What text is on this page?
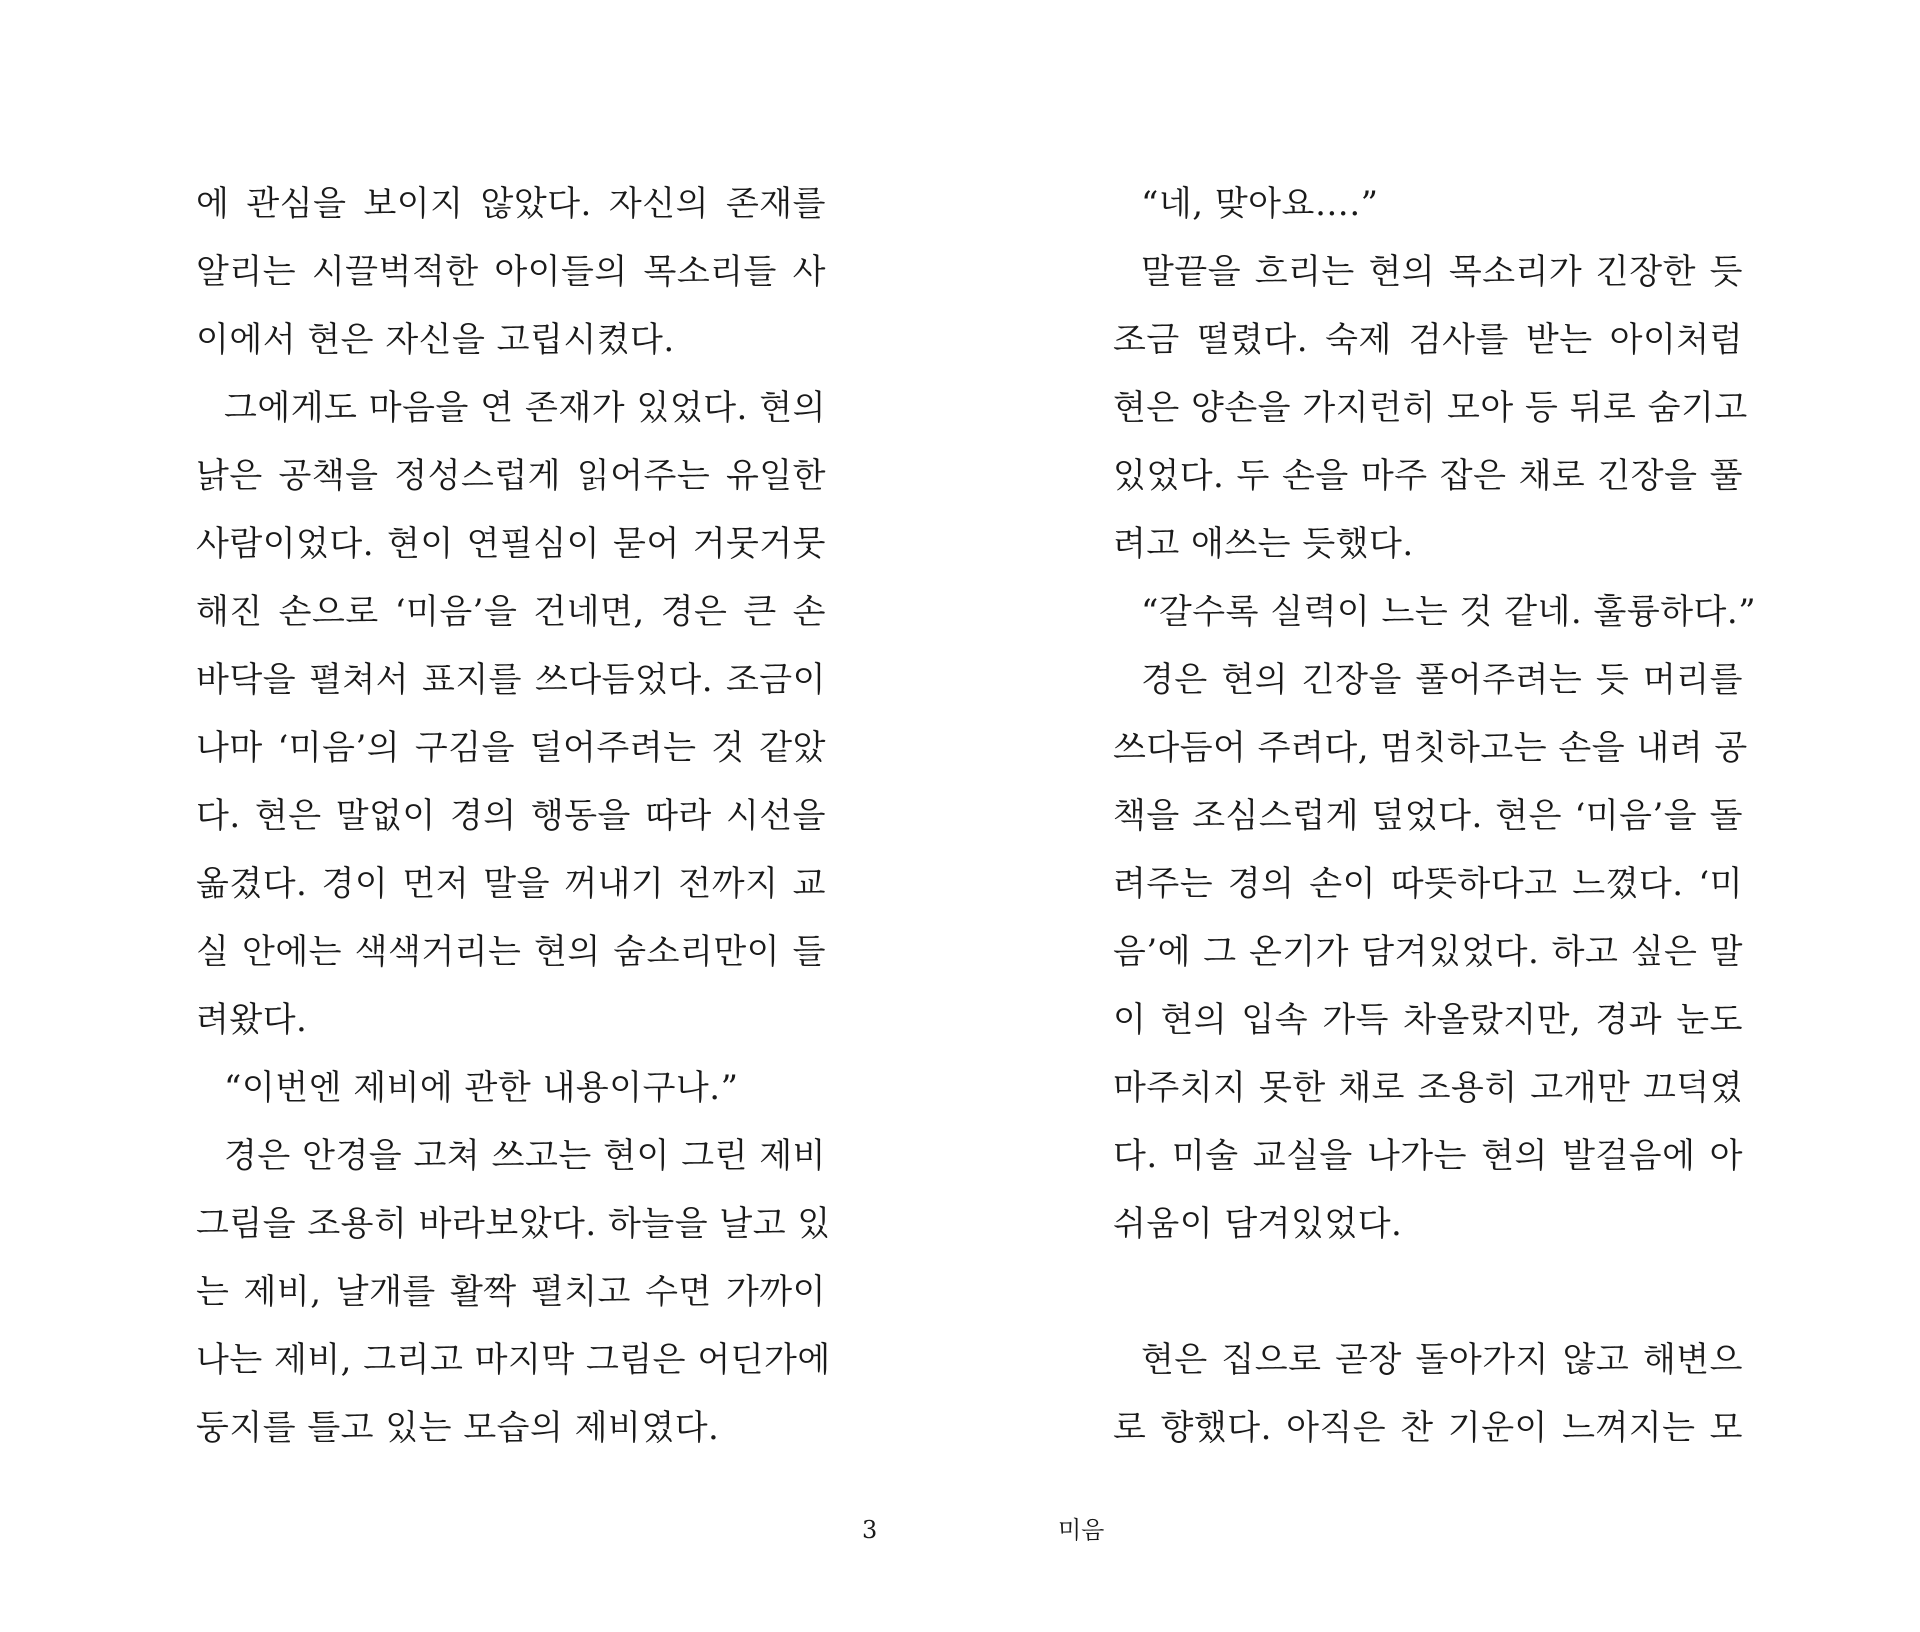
에 관심을 보이지 않았다. 자신의 존재를
알리는 시끌벅적한 아이들의 목소리들 사
이에서 현은 자신을 고립시켰다.
그에게도 마음을 연 존재가 있었다. 현의
낡은 공책을 정성스럽게 읽어주는 유일한
사람이었다. 현이 연필심이 묻어 거뭇거뭇
해진 손으로 ‘미음’을 건네면, 경은 큰 손
바닥을 펼쳐서 표지를 쓰다듬었다. 조금이
나마 ‘미음’의 구김을 덜어주려는 것 같았
다. 현은 말없이 경의 행동을 따라 시선을
옮겼다. 경이 먼저 말을 꺼내기 전까지 교
실 안에는 색색거리는 현의 숨소리만이 들
려왔다.
“이번엔 제비에 관한 내용이구나.”
경은 안경을 고쳐 쓰고는 현이 그린 제비
그림을 조용히 바라보았다. 하늘을 날고 있
는 제비, 날개를 활짝 펼치고 수면 가까이
나는 제비, 그리고 마지막 그림은 어딘가에
둥지를 틀고 있는 모습의 제비였다.
“네, 맞아요….”
말끝을 흐리는 현의 목소리가 긴장한 듯
조금 떨렸다. 숙제 검사를 받는 아이처럼
현은 양손을 가지런히 모아 등 뒤로 숨기고
있었다. 두 손을 마주 잡은 채로 긴장을 풀
려고 애쓰는 듯했다.
“갈수록 실력이 느는 것 같네. 훌륭하다.”
경은 현의 긴장을 풀어주려는 듯 머리를
쓰다듬어 주려다, 멈칫하고는 손을 내려 공
책을 조심스럽게 덮었다. 현은 ‘미음’을 돌
려주는 경의 손이 따뜻하다고 느꼈다. ‘미
음’에 그 온기가 담겨있었다. 하고 싶은 말
이 현의 입속 가득 차올랐지만, 경과 눈도
마주치지 못한 채로 조용히 고개만 끄덕였
다. 미술 교실을 나가는 현의 발걸음에 아
쉬움이 담겨있었다.
현은 집으로 곧장 돌아가지 않고 해변으
로 향했다. 아직은 찬 기운이 느껴지는 모
3	미음
